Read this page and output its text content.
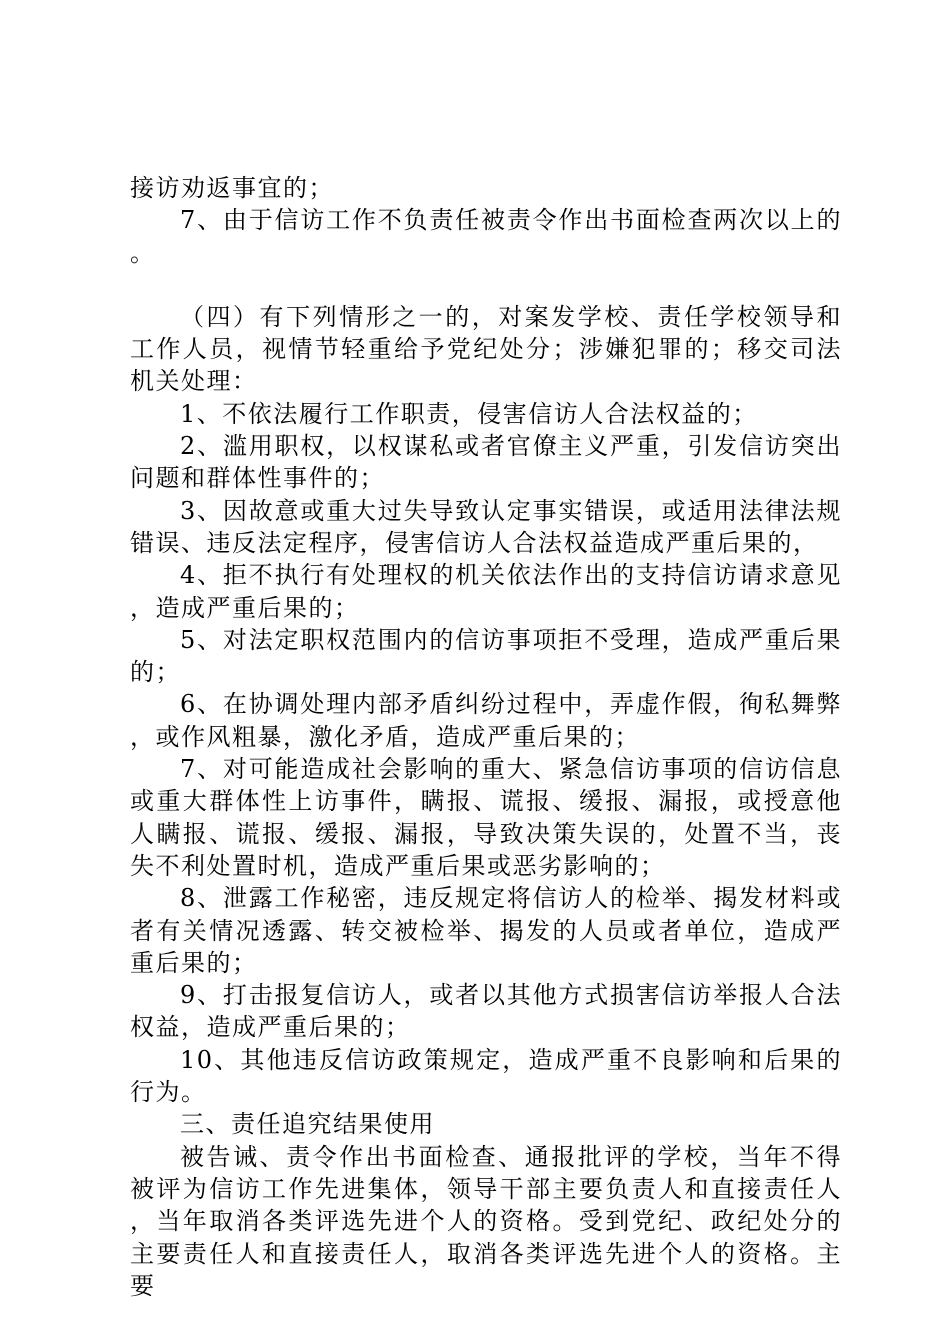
接访劝返事宜的；

7、由于信访工作不负责任被责令作出书面检查两次以上的。

（四）有下列情形之一的，对案发学校、责任学校领导和工作人员，视情节轻重给予党纪处分；涉嫌犯罪的；移交司法机关处理：

1、不依法履行工作职责，侵害信访人合法权益的；

2、滥用职权，以权谋私或者官僚主义严重，引发信访突出问题和群体性事件的；

3、因故意或重大过失导致认定事实错误，或适用法律法规错误、违反法定程序，侵害信访人合法权益造成严重后果的，

4、拒不执行有处理权的机关依法作出的支持信访请求意见，造成严重后果的；

5、对法定职权范围内的信访事项拒不受理，造成严重后果的；

6、在协调处理内部矛盾纠纷过程中，弄虚作假，徇私舞弊，或作风粗暴，激化矛盾，造成严重后果的；

7、对可能造成社会影响的重大、紧急信访事项的信访信息或重大群体性上访事件，瞒报、谎报、缓报、漏报，或授意他人瞒报、谎报、缓报、漏报，导致决策失误的，处置不当，丧失不利处置时机，造成严重后果或恶劣影响的；

8、泄露工作秘密，违反规定将信访人的检举、揭发材料或者有关情况透露、转交被检举、揭发的人员或者单位，造成严重后果的；

9、打击报复信访人，或者以其他方式损害信访举报人合法权益，造成严重后果的；

10、其他违反信访政策规定，造成严重不良影响和后果的行为。

三、责任追究结果使用

被告诫、责令作出书面检查、通报批评的学校，当年不得被评为信访工作先进集体，领导干部主要负责人和直接责任人，当年取消各类评选先进个人的资格。受到党纪、政纪处分的主要责任人和直接责任人，取消各类评选先进个人的资格。主要
